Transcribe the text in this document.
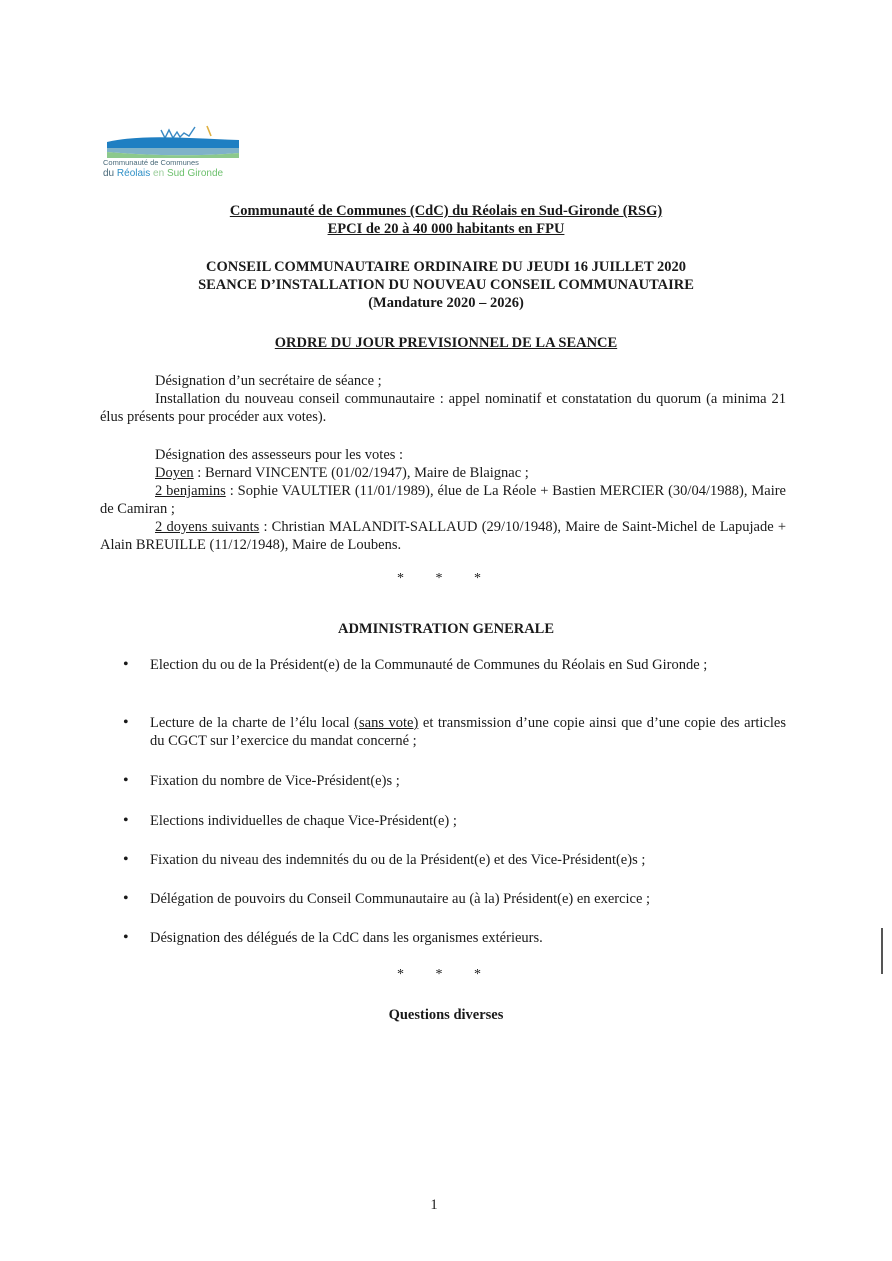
Communauté de Communes
du Réolais en Sud Gironde
Communauté de Communes (CdC) du Réolais en Sud-Gironde (RSG)
EPCI de 20 à 40 000 habitants en FPU
CONSEIL COMMUNAUTAIRE ORDINAIRE DU JEUDI 16 JUILLET 2020
SEANCE D’INSTALLATION DU NOUVEAU CONSEIL COMMUNAUTAIRE
(Mandature 2020 – 2026)
ORDRE DU JOUR PREVISIONNEL DE LA SEANCE
Désignation d’un secrétaire de séance ;
Installation du nouveau conseil communautaire : appel nominatif et constatation du quorum (a minima 21 élus présents pour procéder aux votes).
Désignation des assesseurs pour les votes :
Doyen : Bernard VINCENTE (01/02/1947), Maire de Blaignac ;
2 benjamins : Sophie VAULTIER (11/01/1989), élue de La Réole + Bastien MERCIER (30/04/1988), Maire de Camiran ;
2 doyens suivants : Christian MALANDIT-SALLAUD (29/10/1948), Maire de Saint-Michel de Lapujade + Alain BREUILLE (11/12/1948), Maire de Loubens.
* * *
ADMINISTRATION GENERALE
• Election du ou de la Président(e) de la Communauté de Communes du Réolais en Sud Gironde ;
• Lecture de la charte de l’élu local (sans vote) et transmission d’une copie ainsi que d’une copie des articles du CGCT sur l’exercice du mandat concerné ;
• Fixation du nombre de Vice-Président(e)s ;
• Elections individuelles de chaque Vice-Président(e) ;
• Fixation du niveau des indemnités du ou de la Président(e) et des Vice-Président(e)s ;
• Délégation de pouvoirs du Conseil Communautaire au (à la) Président(e) en exercice ;
• Désignation des délégués de la CdC dans les organismes extérieurs.
* * *
Questions diverses
1
